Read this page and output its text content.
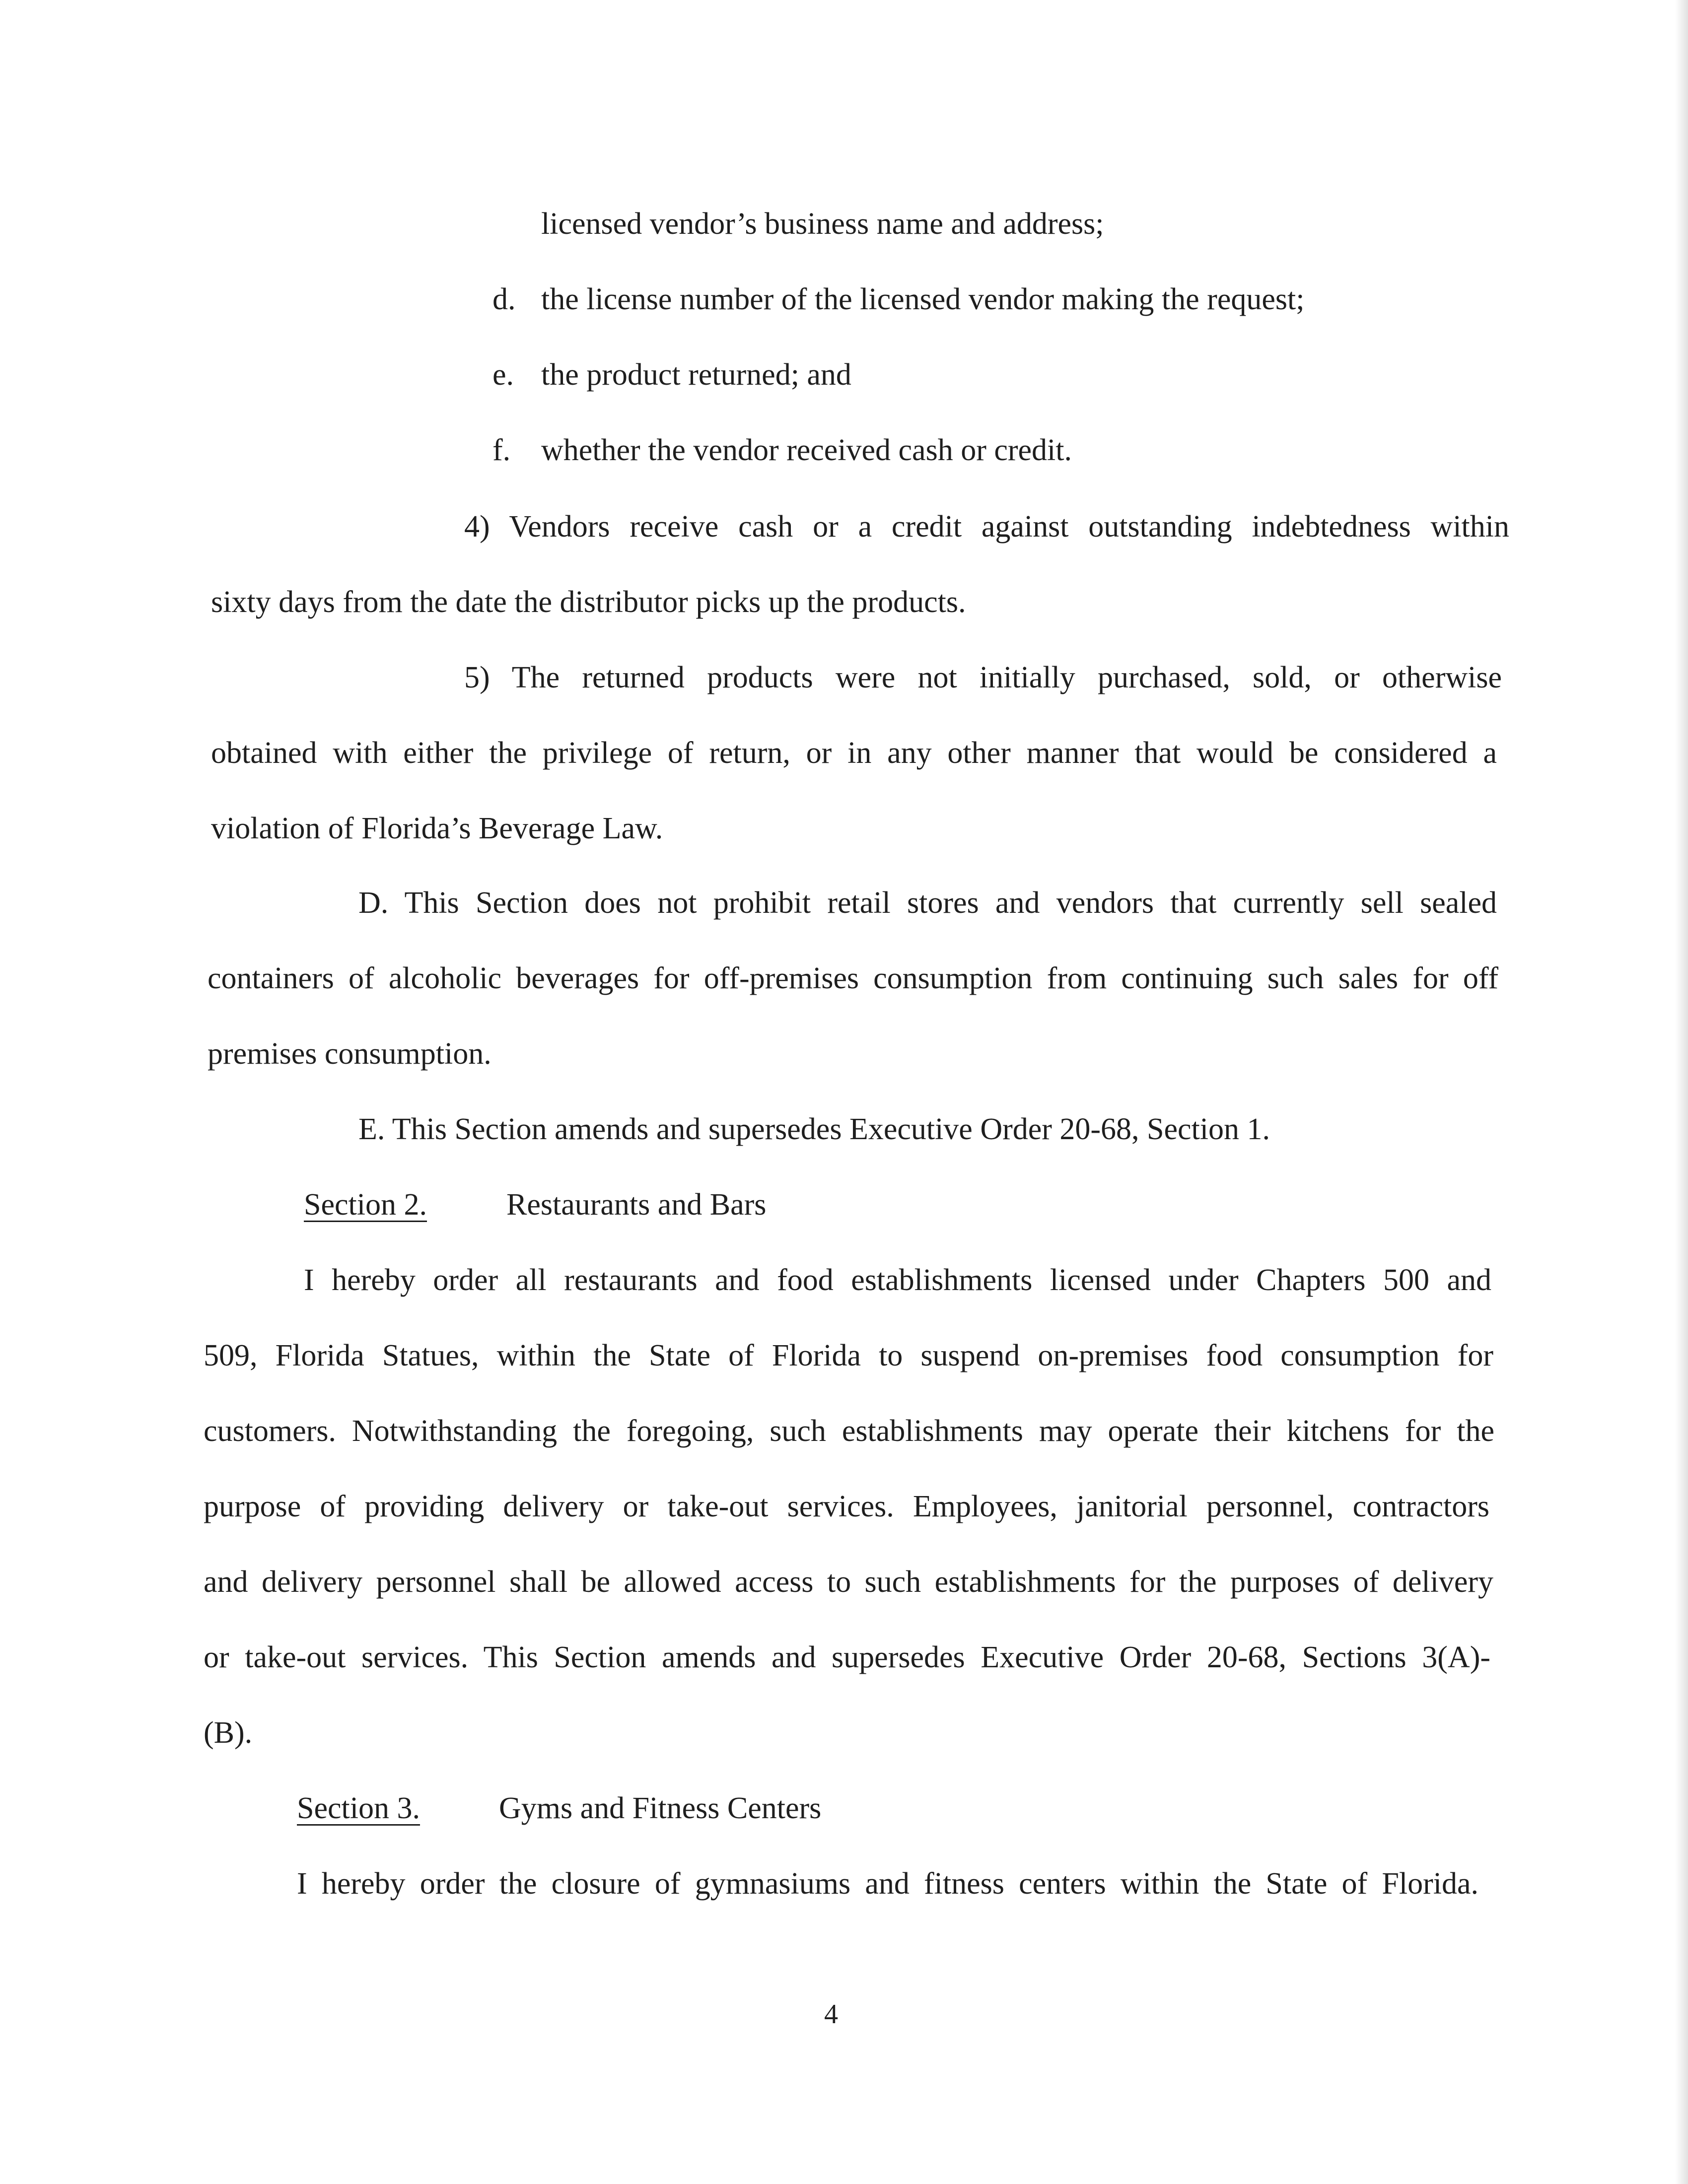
licensed vendor’s business name and address;
d. the license number of the licensed vendor making the request;
e. the product returned; and
f. whether the vendor received cash or credit.
4) Vendors receive cash or a credit against outstanding indebtedness within
sixty days from the date the distributor picks up the products.
5) The returned products were not initially purchased, sold, or otherwise
obtained with either the privilege of return, or in any other manner that would be considered a
violation of Florida’s Beverage Law.
D. This Section does not prohibit retail stores and vendors that currently sell sealed
containers of alcoholic beverages for off-premises consumption from continuing such sales for off
premises consumption.
E. This Section amends and supersedes Executive Order 20-68, Section 1.
Section 2.	Restaurants and Bars
I hereby order all restaurants and food establishments licensed under Chapters 500 and
509, Florida Statues, within the State of Florida to suspend on-premises food consumption for
customers. Notwithstanding the foregoing, such establishments may operate their kitchens for the
purpose of providing delivery or take-out services. Employees, janitorial personnel, contractors
and delivery personnel shall be allowed access to such establishments for the purposes of delivery
or take-out services. This Section amends and supersedes Executive Order 20-68, Sections 3(A)-
(B).
Section 3.	Gyms and Fitness Centers
I hereby order the closure of gymnasiums and fitness centers within the State of Florida.
4
